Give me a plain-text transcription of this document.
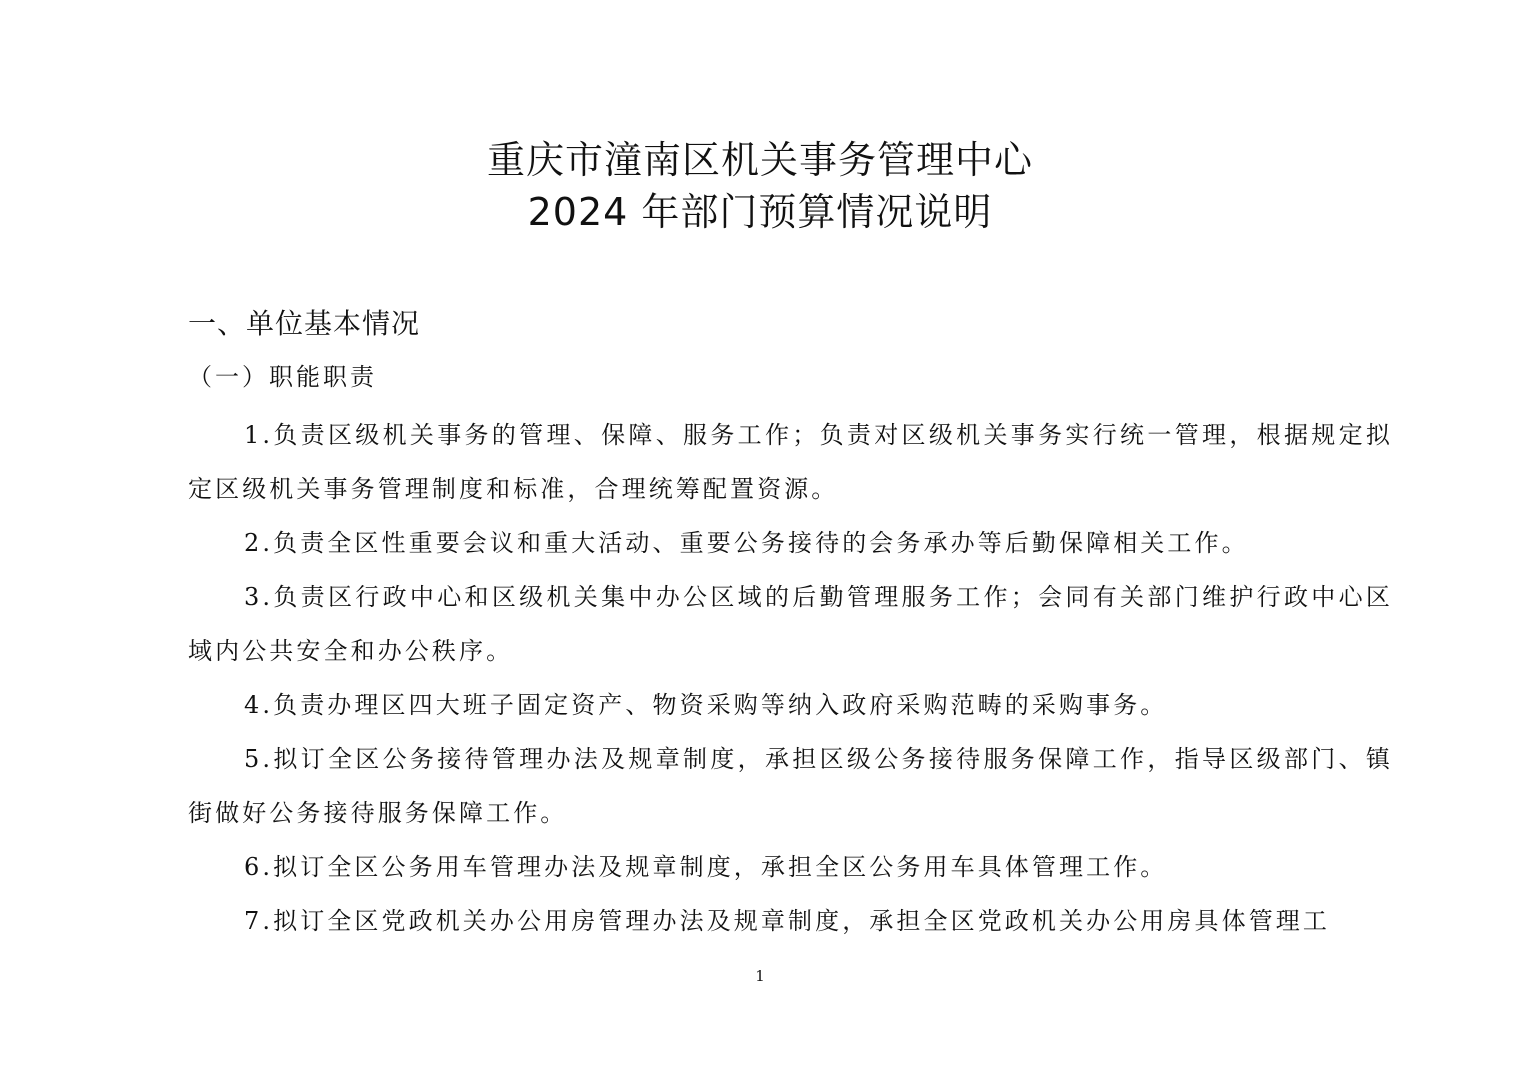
重庆市潼南区机关事务管理中心
2024 年部门预算情况说明
一、单位基本情况
（一）职能职责

1.负责区级机关事务的管理、保障、服务工作；负责对区级机关事务实行统一管理，根据规定拟定区级机关事务管理制度和标准，合理统筹配置资源。

2.负责全区性重要会议和重大活动、重要公务接待的会务承办等后勤保障相关工作。

3.负责区行政中心和区级机关集中办公区域的后勤管理服务工作；会同有关部门维护行政中心区域内公共安全和办公秩序。

4.负责办理区四大班子固定资产、物资采购等纳入政府采购范畴的采购事务。

5.拟订全区公务接待管理办法及规章制度，承担区级公务接待服务保障工作，指导区级部门、镇街做好公务接待服务保障工作。

6.拟订全区公务用车管理办法及规章制度，承担全区公务用车具体管理工作。

7.拟订全区党政机关办公用房管理办法及规章制度，承担全区党政机关办公用房具体管理工

1
